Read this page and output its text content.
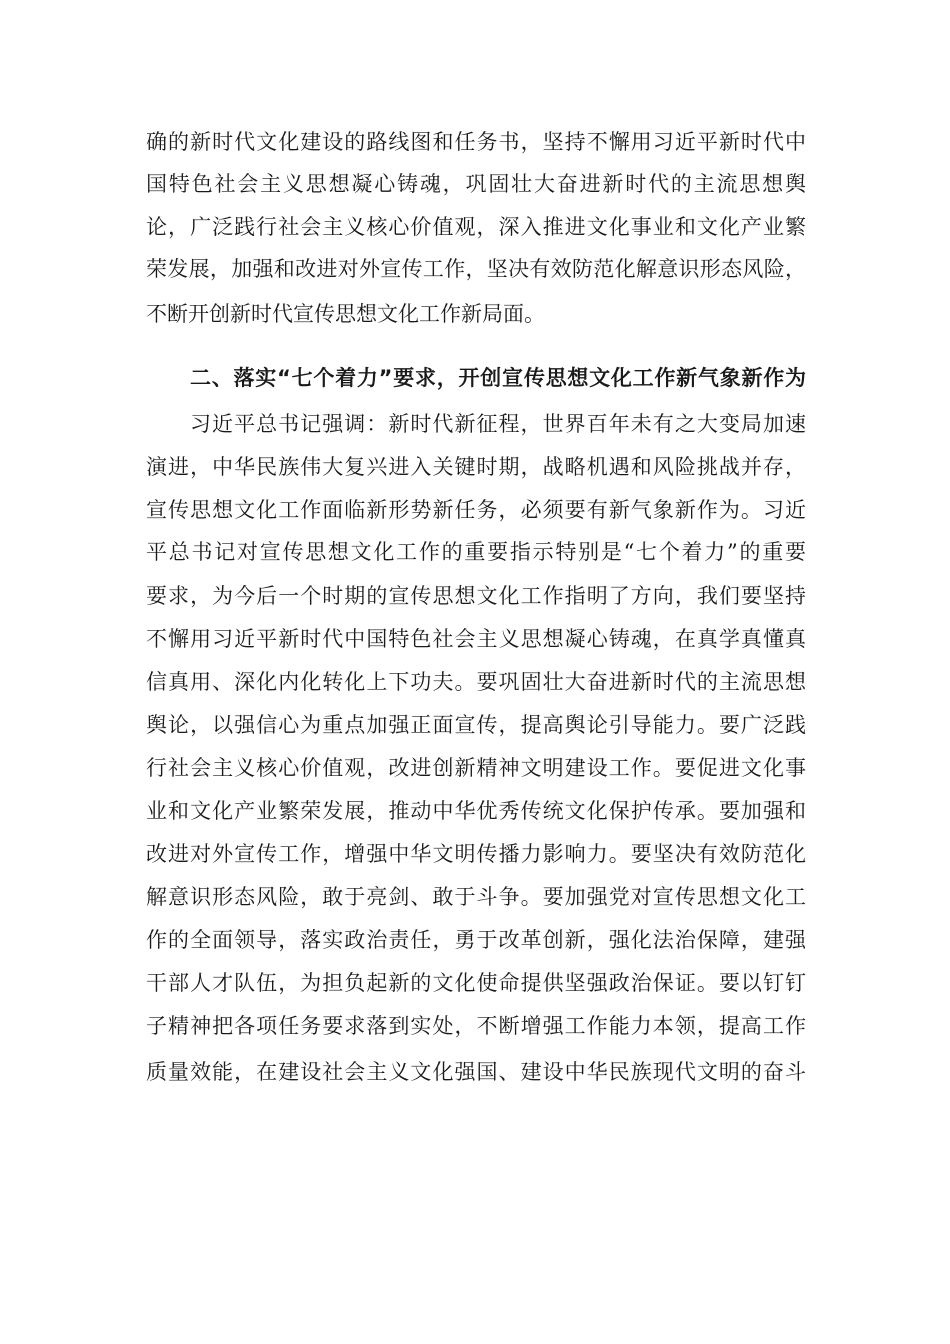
确的新时代文化建设的路线图和任务书，坚持不懈用习近平新时代中
国特色社会主义思想凝心铸魂，巩固壮大奋进新时代的主流思想舆
论，广泛践行社会主义核心价值观，深入推进文化事业和文化产业繁
荣发展，加强和改进对外宣传工作，坚决有效防范化解意识形态风险，
不断开创新时代宣传思想文化工作新局面。
二、落实“七个着力”要求，开创宣传思想文化工作新气象新作为
习近平总书记强调：新时代新征程，世界百年未有之大变局加速
演进，中华民族伟大复兴进入关键时期，战略机遇和风险挑战并存，
宣传思想文化工作面临新形势新任务，必须要有新气象新作为。习近
平总书记对宣传思想文化工作的重要指示特别是“七个着力”的重要
要求，为今后一个时期的宣传思想文化工作指明了方向，我们要坚持
不懈用习近平新时代中国特色社会主义思想凝心铸魂，在真学真懂真
信真用、深化内化转化上下功夫。要巩固壮大奋进新时代的主流思想
舆论，以强信心为重点加强正面宣传，提高舆论引导能力。要广泛践
行社会主义核心价值观，改进创新精神文明建设工作。要促进文化事
业和文化产业繁荣发展，推动中华优秀传统文化保护传承。要加强和
改进对外宣传工作，增强中华文明传播力影响力。要坚决有效防范化
解意识形态风险，敢于亮剑、敢于斗争。要加强党对宣传思想文化工
作的全面领导，落实政治责任，勇于改革创新，强化法治保障，建强
干部人才队伍，为担负起新的文化使命提供坚强政治保证。要以钉钉
子精神把各项任务要求落到实处，不断增强工作能力本领，提高工作
质量效能，在建设社会主义文化强国、建设中华民族现代文明的奋斗
